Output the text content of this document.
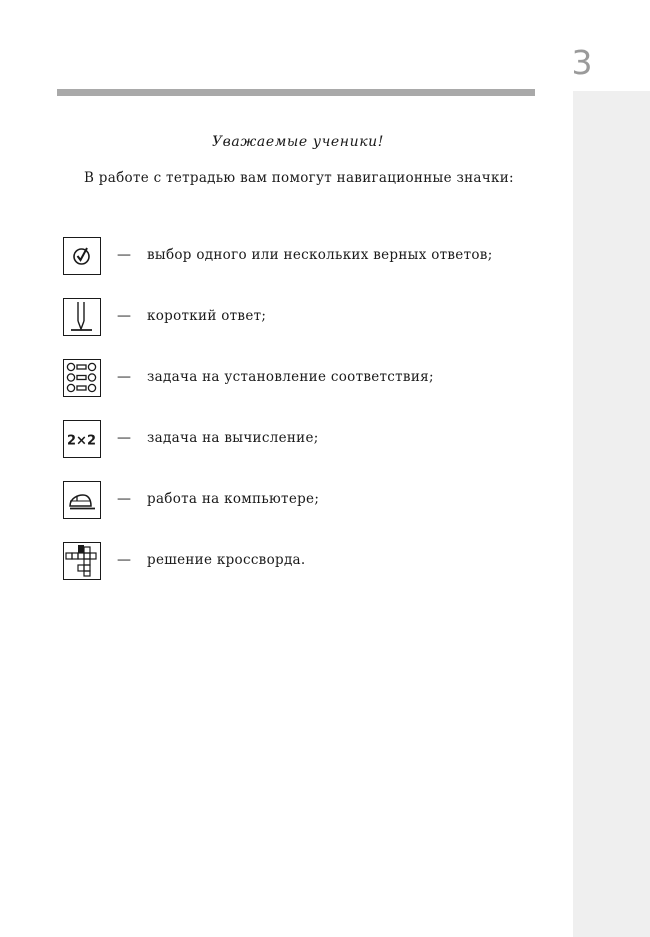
3
Уважаемые ученики!
В работе с тетрадью вам помогут навигационные значки:
— выбор одного или нескольких верных ответов;
— короткий ответ;
— задача на установление соответствия;
2×2 — задача на вычисление;
— работа на компьютере;
— решение кроссворда.
